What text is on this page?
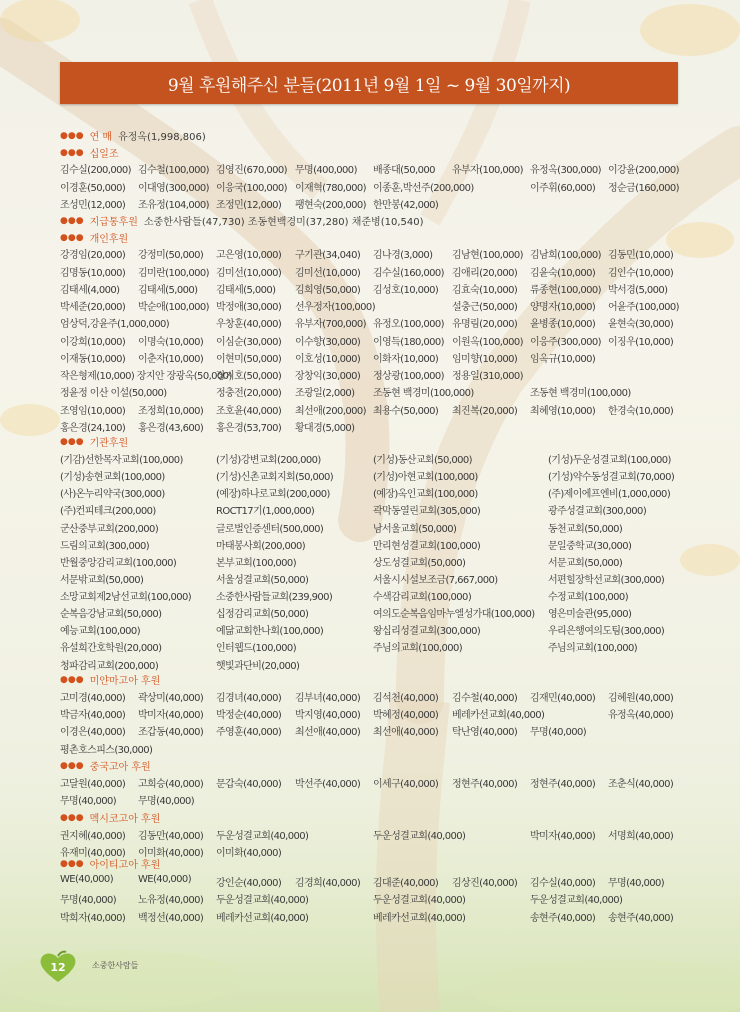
9월 후원해주신 분들(2011년 9월 1일 ~ 9월 30일까지)
●●● 연 매 유정옥(1,998,806)
●●● 십일조
●●● 지급통후원 소중한사람들(47,730) 조동현백경미(37,280) 채준병(10,540)
●●● 개인후원
●●● 기관후원
●●● 미얀마고아 후원
●●● 중국고아 후원
●●● 멕시코고아 후원
●●● 아이티고아 후원
김수실(200,000) 김수철(100,000) 김영진(670,000) 무명(400,000) 배종대(50,000 유부자(100,000) 유정옥(300,000) 이강윤(200,000)
이경훈(50,000) 이대영(300,000) 이응국(100,000) 이재혁(780,000) 이종훈,박선주(200,000)	이주휘(60,000) 정순금(160,000)
조성민(12,000) 조유정(104,000) 조정민(12,000) 팽현숙(200,000) 한만봉(42,000)
강경임(20,000) 강정미(50,000) 고은영(10,000) 구기관(34,040) 김나경(3,000) 김남현(100,000) 김남희(100,000) 김동민(10,000)
김명동(10,000) 김미란(100,000) 김미선(10,000) 김미선(10,000) 김수실(160,000) 김애리(20,000) 김윤숙(10,000) 김인수(10,000)
김태세(4,000) 김태세(5,000) 김태세(5,000) 김희영(50,000) 김성호(10,000) 김효숙(10,000) 류종현(100,000) 박서경(5,000)
박세준(20,000) 박순애(100,000) 박정애(30,000) 선우정자(100,000)	설충근(50,000) 양명자(10,000) 어윤주(100,000)
엄상덕,강윤주(1,000,000)	우창훈(40,000) 유부자(700,000) 유정오(100,000) 유명림(20,000) 윤병종(10,000) 윤현숙(30,000)
이강희(10,000) 이명숙(10,000) 이심순(30,000) 이수향(30,000) 이영득(180,000) 이원옥(100,000) 이응주(300,000) 이징우(10,000)
이재동(10,000) 이춘자(10,000) 이현미(50,000) 이호성(10,000) 이화자(10,000) 임미향(10,000) 임옥규(10,000)
작은형제(10,000) 장지안 장광옥(50,000)
장지호(50,000) 장창익(30,000) 정상광(100,000) 정용일(310,000)
정윤정 이산 이설(50,000)	정충전(20,000) 조광일(2,000) 조동현 백경미(100,000)	조동현 백경미(100,000)
조영임(10,000) 조정희(10,000) 조호윤(40,000) 최선애(200,000) 최용수(50,000) 최진복(20,000) 최혜영(10,000) 한경숙(10,000)
홍은경(24,100) 홍은경(43,600) 홍은경(53,700) 황대경(5,000)
(기감)선한목자교회(100,000)	(기성)강변교회(200,000)	(기성)동산교회(50,000)	(기성)두운성결교회(100,000)
(기성)송현교회(100,000)	(기성)신촌교회지회(50,000)	(기성)아현교회(100,000)	(기성)약수동성결교회(70,000)
(사)온누리약국(300,000)	(예장)하나로교회(200,000)	(예장)옥인교회(100,000)	(주)제이에프엔비(1,000,000)
(주)컨피테크(200,000)	ROCT17기(1,000,000)	곽막동열린교회(305,000)	광주성결교회(300,000)
군산중부교회(200,000)	글로벌인증센터(500,000)	남서울교회(50,000)	동천교회(50,000)
드림의교회(300,000)	마태봉사회(200,000)	만리현성결교회(100,000)	문일중학교(30,000)
반월중앙감리교회(100,000)	본부교회(100,000)	상도성결교회(50,000)	서문교회(50,000)
서문밖교회(50,000)	서울성결교회(50,000)	서울시시설보조금(7,667,000)	서편힐장학선교회(300,000)
소망교회제2남선교회(100,000) 소중한사람들교회(239,900)	수색감리교회(100,000)	수정교회(100,000)
순복음강남교회(50,000)	십정감리교회(50,000)	여의도순복음임마누엘성가대(100,000) 영은미술관(95,000)
예능교회(100,000)	예닮교회한나회(100,000)	왕십리성결교회(300,000)	우리은행여의도팀(300,000)
유설희간호학원(20,000)	인터웹드(100,000)	주님의교회(100,000)	주님의교회(100,000)
청파감리교회(200,000)	햇빛과단비(20,000)
고미경(40,000) 곽상미(40,000) 김경녀(40,000) 김부녀(40,000) 김석천(40,000) 김수철(40,000) 김재민(40,000) 김혜원(40,000)
박금자(40,000) 박미자(40,000) 박정순(40,000) 박지영(40,000) 박혜정(40,000) 베레카선교회(40,000)	유정옥(40,000)
이경은(40,000) 조갑동(40,000) 주영훈(40,000) 최선애(40,000) 최선애(40,000) 탁난영(40,000) 무명(40,000)
평촌호스피스(30,000)
고달원(40,000) 고희승(40,000) 문갑숙(40,000) 박선주(40,000) 이세구(40,000) 정현주(40,000) 정현주(40,000) 조춘식(40,000)
무명(40,000) 무명(40,000)
권지혜(40,000) 김동만(40,000) 두운성결교회(40,000)	두운성결교회(40,000)	박미자(40,000) 서명희(40,000)
유재미(40,000) 이미화(40,000) 이미화(40,000)
WE(40,000)	WE(40,000)	강인순(40,000) 김경희(40,000) 김대준(40,000) 김상진(40,000) 김수실(40,000) 무명(40,000)
무명(40,000) 노유정(40,000) 두운성결교회(40,000)	두운성결교회(40,000)	두운성결교회(40,000)
박희자(40,000) 백정선(40,000) 베레카선교회(40,000)	베레카선교회(40,000)	송현주(40,000) 송현주(40,000)
12	소중한사람들
